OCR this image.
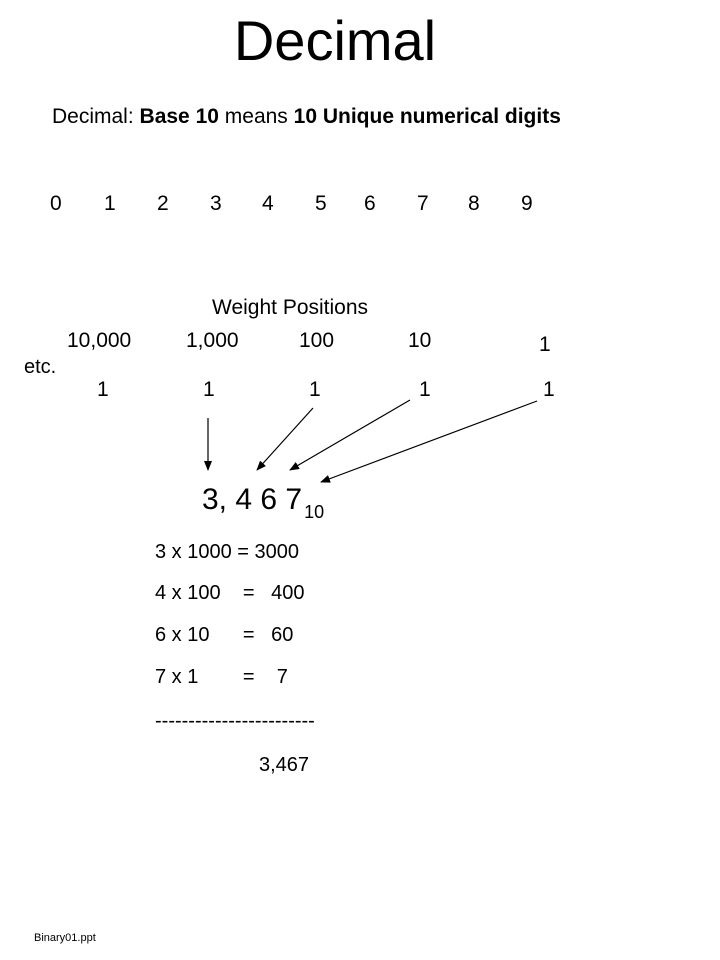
Decimal
Decimal: Base 10 means 10 Unique numerical digits
0 1 2 3 4 5 6 7 8 9
Weight Positions
10,000	1,000	100	10	1
etc.
1	1	1	1	1
3, 4 6 7 $_{10}$
3 x 1000 = 3000
4 x 100    =   400
6 x 10      =   60
7 x 1        =    7
------------------------
3,467
Binary01.ppt
